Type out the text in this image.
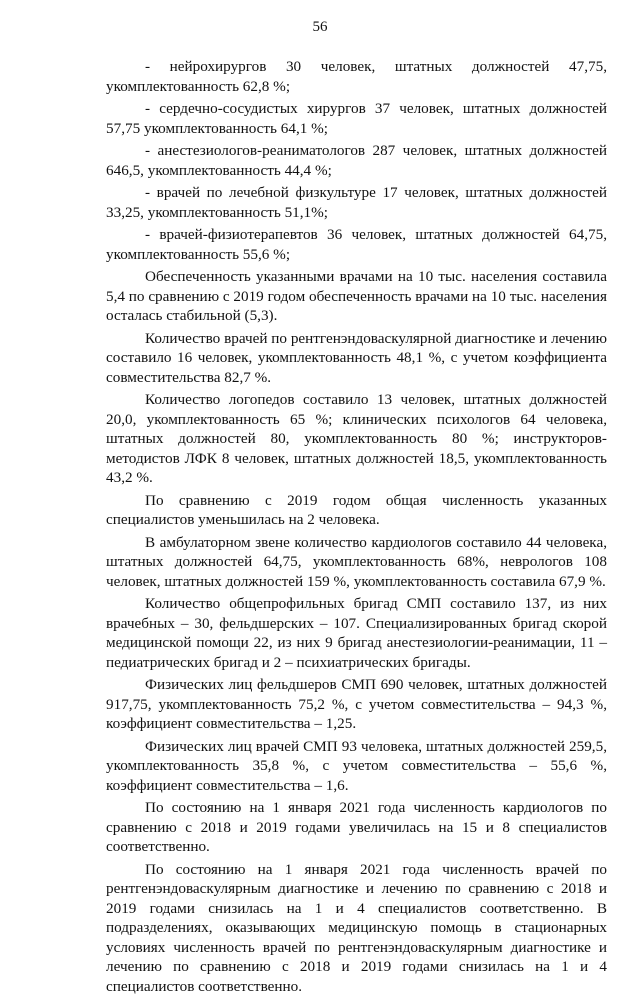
56

- нейрохирургов 30 человек, штатных должностей 47,75, укомплектованность 62,8 %;

- сердечно-сосудистых хирургов 37 человек, штатных должностей 57,75 укомплектованность 64,1 %;

- анестезиологов-реаниматологов 287 человек, штатных должностей 646,5, укомплектованность 44,4 %;

- врачей по лечебной физкультуре 17 человек, штатных должностей 33,25, укомплектованность 51,1%;

- врачей-физиотерапевтов 36 человек, штатных должностей 64,75, укомплектованность 55,6 %;

Обеспеченность указанными врачами на 10 тыс. населения составила 5,4 по сравнению с 2019 годом обеспеченность врачами на 10 тыс. населения осталась стабильной (5,3).

Количество врачей по рентгенэндоваскулярной диагностике и лечению составило 16 человек, укомплектованность 48,1 %, с учетом коэффициента совместительства 82,7 %.

Количество логопедов составило 13 человек, штатных должностей 20,0, укомплектованность 65 %; клинических психологов 64 человека, штатных должностей 80, укомплектованность 80 %; инструкторов-методистов ЛФК 8 человек, штатных должностей 18,5, укомплектованность 43,2 %.

По сравнению с 2019 годом общая численность указанных специалистов уменьшилась на 2 человека.

В амбулаторном звене количество кардиологов составило 44 человека, штатных должностей 64,75, укомплектованность 68%, неврологов 108 человек, штатных должностей 159 %, укомплектованность составила 67,9 %.

Количество общепрофильных бригад СМП составило 137, из них врачебных – 30, фельдшерских – 107. Специализированных бригад скорой медицинской помощи 22, из них 9 бригад анестезиологии-реанимации, 11 – педиатрических бригад и 2 – психиатрических бригады.

Физических лиц фельдшеров СМП 690 человек, штатных должностей 917,75, укомплектованность 75,2 %, с учетом совместительства – 94,3 %, коэффициент совместительства – 1,25.

Физических лиц врачей СМП 93 человека, штатных должностей 259,5, укомплектованность 35,8 %, с учетом совместительства – 55,6 %, коэффициент совместительства – 1,6.

По состоянию на 1 января 2021 года численность кардиологов по сравнению с 2018 и 2019 годами увеличилась на 15 и 8 специалистов соответственно.

По состоянию на 1 января 2021 года численность врачей по рентгенэндоваскулярным диагностике и лечению по сравнению с 2018 и 2019 годами снизилась на 1 и 4 специалистов соответственно. В подразделениях, оказывающих медицинскую помощь в стационарных условиях численность врачей по рентгенэндоваскулярным диагностике и лечению по сравнению с 2018 и 2019 годами снизилась на 1 и 4 специалистов соответственно.
